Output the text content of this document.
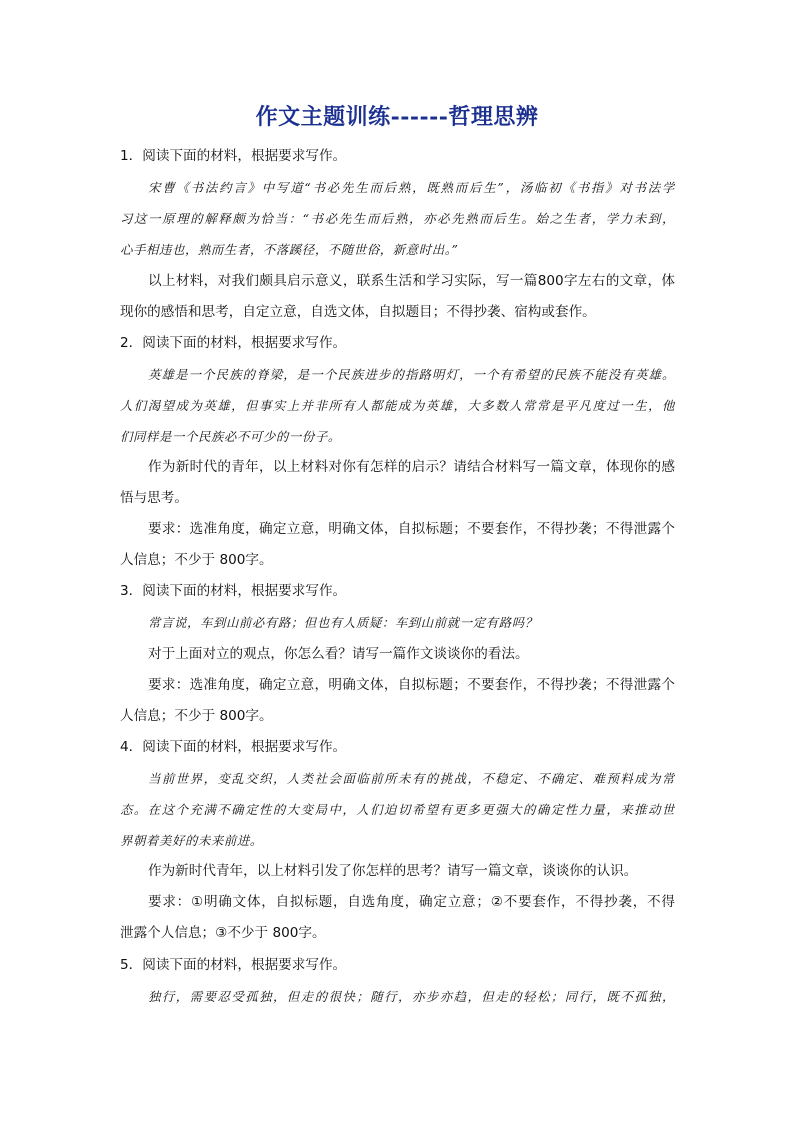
作文主题训练------哲理思辨
1．阅读下面的材料，根据要求写作。
宋曹《书法约言》中写道“书必先生而后熟，既熟而后生”，汤临初《书指》对书法学
习这一原理的解释颇为恰当：“书必先生而后熟，亦必先熟而后生。始之生者，学力未到，
心手相违也，熟而生者，不落蹊径，不随世俗，新意时出。”
以上材料，对我们颇具启示意义，联系生活和学习实际，写一篇800字左右的文章，体
现你的感悟和思考，自定立意，自选文体，自拟题目；不得抄袭、宿构或套作。
2．阅读下面的材料，根据要求写作。
英雄是一个民族的脊梁，是一个民族进步的指路明灯，一个有希望的民族不能没有英雄。
人们渴望成为英雄，但事实上并非所有人都能成为英雄，大多数人常常是平凡度过一生，他
们同样是一个民族必不可少的一份子。
作为新时代的青年，以上材料对你有怎样的启示？请结合材料写一篇文章，体现你的感
悟与思考。
要求：选准角度，确定立意，明确文体，自拟标题；不要套作，不得抄袭；不得泄露个
人信息；不少于 800字。
3．阅读下面的材料，根据要求写作。
常言说，车到山前必有路；但也有人质疑：车到山前就一定有路吗？
对于上面对立的观点，你怎么看？请写一篇作文谈谈你的看法。
要求：选准角度，确定立意，明确文体，自拟标题；不要套作，不得抄袭；不得泄露个
人信息；不少于 800字。
4．阅读下面的材料，根据要求写作。
当前世界，变乱交织，人类社会面临前所未有的挑战，不稳定、不确定、难预料成为常
态。在这个充满不确定性的大变局中，人们迫切希望有更多更强大的确定性力量，来推动世
界朝着美好的未来前进。
作为新时代青年，以上材料引发了你怎样的思考？请写一篇文章，谈谈你的认识。
要求：①明确文体，自拟标题，自选角度，确定立意；②不要套作，不得抄袭，不得
泄露个人信息；③不少于 800字。
5．阅读下面的材料，根据要求写作。
独行，需要忍受孤独，但走的很快；随行，亦步亦趋，但走的轻松；同行，既不孤独，
